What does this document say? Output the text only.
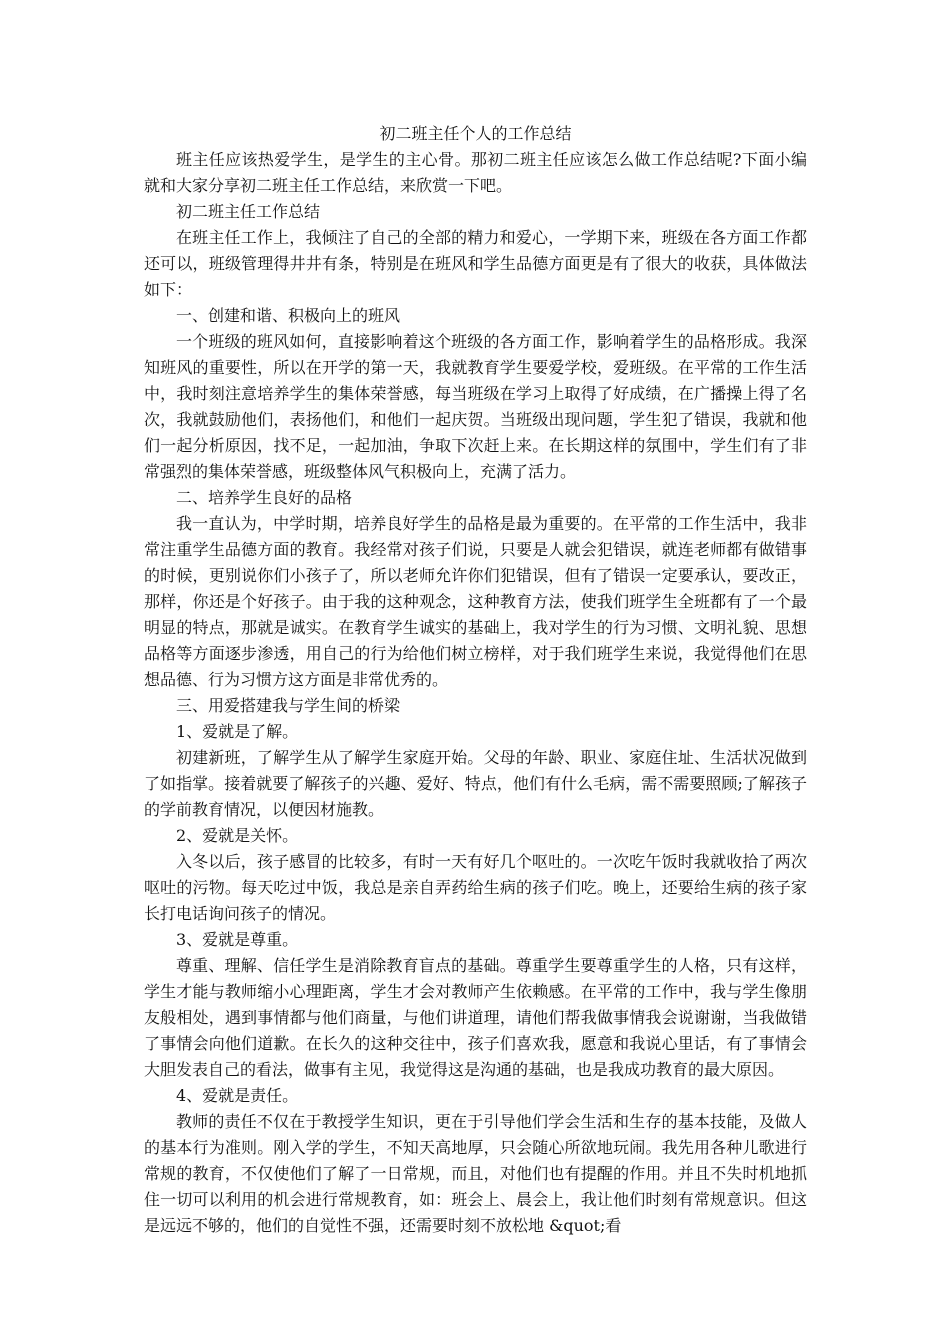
初二班主任个人的工作总结

班主任应该热爱学生，是学生的主心骨。那初二班主任应该怎么做工作总结呢?下面小编就和大家分享初二班主任工作总结，来欣赏一下吧。

初二班主任工作总结

在班主任工作上，我倾注了自己的全部的精力和爱心，一学期下来，班级在各方面工作都还可以，班级管理得井井有条，特别是在班风和学生品德方面更是有了很大的收获，具体做法如下：

一、创建和谐、积极向上的班风

一个班级的班风如何，直接影响着这个班级的各方面工作，影响着学生的品格形成。我深知班风的重要性，所以在开学的第一天，我就教育学生要爱学校，爱班级。在平常的工作生活中，我时刻注意培养学生的集体荣誉感，每当班级在学习上取得了好成绩，在广播操上得了名次，我就鼓励他们，表扬他们，和他们一起庆贺。当班级出现问题，学生犯了错误，我就和他们一起分析原因，找不足，一起加油，争取下次赶上来。在长期这样的氛围中，学生们有了非常强烈的集体荣誉感，班级整体风气积极向上，充满了活力。

二、培养学生良好的品格

我一直认为，中学时期，培养良好学生的品格是最为重要的。在平常的工作生活中，我非常注重学生品德方面的教育。我经常对孩子们说，只要是人就会犯错误，就连老师都有做错事的时候，更别说你们小孩子了，所以老师允许你们犯错误，但有了错误一定要承认，要改正，那样，你还是个好孩子。由于我的这种观念，这种教育方法，使我们班学生全班都有了一个最明显的特点，那就是诚实。在教育学生诚实的基础上，我对学生的行为习惯、文明礼貌、思想品格等方面逐步渗透，用自己的行为给他们树立榜样，对于我们班学生来说，我觉得他们在思想品德、行为习惯方这方面是非常优秀的。

三、用爱搭建我与学生间的桥梁

1、爱就是了解。

初建新班，了解学生从了解学生家庭开始。父母的年龄、职业、家庭住址、生活状况做到了如指掌。接着就要了解孩子的兴趣、爱好、特点，他们有什么毛病，需不需要照顾;了解孩子的学前教育情况，以便因材施教。

2、爱就是关怀。

入冬以后，孩子感冒的比较多，有时一天有好几个呕吐的。一次吃午饭时我就收拾了两次呕吐的污物。每天吃过中饭，我总是亲自弄药给生病的孩子们吃。晚上，还要给生病的孩子家长打电话询问孩子的情况。

3、爱就是尊重。

尊重、理解、信任学生是消除教育盲点的基础。尊重学生要尊重学生的人格，只有这样，学生才能与教师缩小心理距离，学生才会对教师产生依赖感。在平常的工作中，我与学生像朋友般相处，遇到事情都与他们商量，与他们讲道理，请他们帮我做事情我会说谢谢，当我做错了事情会向他们道歉。在长久的这种交往中，孩子们喜欢我，愿意和我说心里话，有了事情会大胆发表自己的看法，做事有主见，我觉得这是沟通的基础，也是我成功教育的最大原因。

4、爱就是责任。

教师的责任不仅在于教授学生知识，更在于引导他们学会生活和生存的基本技能，及做人的基本行为准则。刚入学的学生，不知天高地厚，只会随心所欲地玩闹。我先用各种儿歌进行常规的教育，不仅使他们了解了一日常规，而且，对他们也有提醒的作用。并且不失时机地抓住一切可以利用的机会进行常规教育，如：班会上、晨会上，我让他们时刻有常规意识。但这是远远不够的，他们的自觉性不强，还需要时刻不放松地 &quot;看
